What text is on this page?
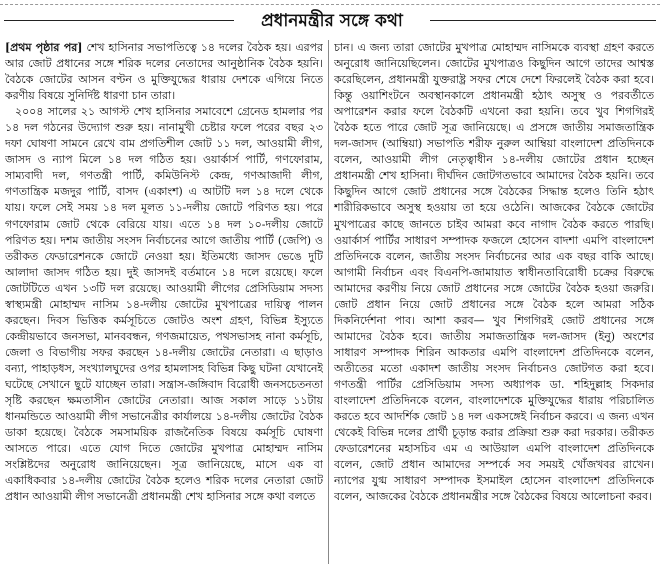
প্রধানমন্ত্রীর সঙ্গে কথা

[প্রথম পৃষ্ঠার পর] শেখ হাসিনার সভাপতিত্বে ১৪ দলের বৈঠক হয়। এরপর আর জোট প্রধানের সঙ্গে শরিক দলের নেতাদের আনুষ্ঠানিক বৈঠক হয়নি। বৈঠকে জোটের আসন বণ্টন ও মুক্তিযুদ্ধের ধারায় দেশকে এগিয়ে নিতে করণীয় বিষয়ে সুনির্দিষ্ট ধারণা চান তারা।

২০০৪ সালের ২১ আগস্ট শেখ হাসিনার সমাবেশে গ্রেনেড হামলার পর ১৪ দল গঠনের উদ্যোগ শুরু হয়। নানামুখী চেষ্টার ফলে পরের বছর ২৩ দফা ঘোষণা সামনে রেখে বাম প্রগতিশীল জোট ১১ দল, আওয়ামী লীগ, জাসদ ও ন্যাপ মিলে ১৪ দল গঠিত হয়। ওয়ার্কার্স পার্টি, গণফোরাম, সাম্যবাদী দল, গণতন্ত্রী পার্টি, কমিউনিস্ট কেন্দ্র, গণআজাদী লীগ, গণতান্ত্রিক মজদুর পার্টি, বাসদ (একাংশ) এ আটটি দল ১৪ দলে থেকে যায়। ফলে সেই সময় ১৪ দল মূলত ১১-দলীয় জোটে পরিণত হয়। পরে গণফোরাম জোট থেকে বেরিয়ে যায়। এতে ১৪ দল ১০-দলীয় জোটে পরিণত হয়। দশম জাতীয় সংসদ নির্বাচনের আগে জাতীয় পার্টি (জেপি) ও তরীকত ফেডারেশনকে জোটে নেওয়া হয়। ইতিমধ্যে জাসদ ভেঙে দুটি আলাদা জাসদ গঠিত হয়। দুই জাসদই বর্তমানে ১৪ দলে রয়েছে। ফলে জোটটিতে এখন ১৩টি দল রয়েছে। আওয়ামী লীগের প্রেসিডিয়াম সদস্য স্বাস্থ্যমন্ত্রী মোহাম্মদ নাসিম ১৪-দলীয় জোটের মুখপাত্রের দায়িত্ব পালন করছেন। দিবস ভিত্তিক কর্মসূচিতে জোটও অংশ গ্রহণ, বিভিন্ন ইস্যুতে কেন্দ্রীয়ভাবে জনসভা, মানববন্ধন, গণজমায়েত, পথসভাসহ নানা কর্মসূচি, জেলা ও বিভাগীয় সফর করছেন ১৪-দলীয় জোটের নেতারা। এ ছাড়াও বন্যা, পাহাড়ধস, সংখ্যালঘুদের ওপর হামলাসহ বিভিন্ন কিছু ঘটনা যেখানেই ঘটেছে সেখানে ছুটে যাচ্ছেন তারা। সন্ত্রাস-জঙ্গিবাদ বিরোধী জনসচেতনতা সৃষ্টি করছেন ক্ষমতাসীন জোটের নেতারা। আজ সকাল সাড়ে ১১টায় ধানমন্ডিতে আওয়ামী লীগ সভানেত্রীর কার্যালয়ে ১৪-দলীয় জোটের বৈঠক ডাকা হয়েছে। বৈঠকে সমসাময়িক রাজনৈতিক বিষয়ে কর্মসূচি ঘোষণা আসতে পারে। এতে যোগ দিতে জোটের মুখপাত্র মোহাম্মদ নাসিম সংশ্লিষ্টদের অনুরোধ জানিয়েছেন। সূত্র জানিয়েছে, মাসে এক বা একাধিকবার ১৪-দলীয় জোটের বৈঠক হলেও শরিক দলের নেতারা জোট প্রধান আওয়ামী লীগ সভানেত্রী প্রধানমন্ত্রী শেখ হাসিনার সঙ্গে কথা বলতে

চান। এ জন্য তারা জোটের মুখপাত্র মোহাম্মদ নাসিমকে ব্যবস্থা গ্রহণ করতে অনুরোধ জানিয়েছিলেন। জোটের মুখপাত্রও কিছুদিন আগে তাদের আশ্বস্ত করেছিলেন, প্রধানমন্ত্রী যুক্তরাষ্ট্র সফর শেষে দেশে ফিরলেই বৈঠক করা হবে। কিন্তু ওয়াশিংটনে অবস্থানকালে প্রধানমন্ত্রী হঠাৎ অসুস্থ ও পরবর্তীতে অপারেশন করার ফলে বৈঠকটি এখনো করা হয়নি। তবে খুব শিগগিরই বৈঠক হতে পারে জোট সূত্র জানিয়েছে। এ প্রসঙ্গে জাতীয় সমাজতান্ত্রিক দল-জাসদ (আম্বিয়া) সভাপতি শরীফ নুরুল আম্বিয়া বাংলাদেশ প্রতিদিনকে বলেন, আওয়ামী লীগ নেতৃত্বাধীন ১৪-দলীয় জোটের প্রধান হচ্ছেন প্রধানমন্ত্রী শেখ হাসিনা। দীর্ঘদিন জোটগতভাবে আমাদের বৈঠক হয়নি। তবে কিছুদিন আগে জোট প্রধানের সঙ্গে বৈঠকের সিদ্ধান্ত হলেও তিনি হঠাৎ শারীরিকভাবে অসুস্থ হওয়ায় তা হয়ে ওঠেনি। আজকের বৈঠকে জোটের মুখপাত্রের কাছে জানতে চাইব আমরা কবে নাগাদ বৈঠক করতে পারছি। ওয়ার্কার্স পার্টির সাধারণ সম্পাদক ফজলে হোসেন বাদশা এমপি বাংলাদেশ প্রতিদিনকে বলেন, জাতীয় সংসদ নির্বাচনের আর এক বছর বাকি আছে। আগামী নির্বাচন এবং বিএনপি-জামায়াত স্বাধীনতাবিরোধী চক্রের বিরুদ্ধে আমাদের করণীয় নিয়ে জোট প্রধানের সঙ্গে জোটের বৈঠক হওয়া জরুরি। জোট প্রধান নিয়ে জোট প্রধানের সঙ্গে বৈঠক হলে আমরা সঠিক দিকনির্দেশনা পাব। আশা করব— খুব শিগগিরই জোট প্রধানের সঙ্গে আমাদের বৈঠক হবে। জাতীয় সমাজতান্ত্রিক দল-জাসদ (ইনু) অংশের সাধারণ সম্পাদক শিরিন আকতার এমপি বাংলাদেশ প্রতিদিনকে বলেন, অতীতের মতো একাদশ জাতীয় সংসদ নির্বাচনও জোটগত করা হবে। গণতন্ত্রী পার্টির প্রেসিডিয়াম সদস্য অধ্যাপক ডা. শহিদুল্লাহ সিকদার বাংলাদেশ প্রতিদিনকে বলেন, বাংলাদেশকে মুক্তিযুদ্ধের ধারায় পরিচালিত করতে হবে আদর্শিক জোট ১৪ দল একসঙ্গেই নির্বাচন করবে। এ জন্য এখন থেকেই বিভিন্ন দলের প্রার্থী চূড়ান্ত করার প্রক্রিয়া শুরু করা দরকার। তরীকত ফেডারেশনের মহাসচিব এম এ আউয়াল এমপি বাংলাদেশ প্রতিদিনকে বলেন, জোট প্রধান আমাদের সম্পর্কে সব সময়ই খোঁজখবর রাখেন। ন্যাপের যুগ্ম সাধারণ সম্পাদক ইসমাইল হোসেন বাংলাদেশ প্রতিদিনকে বলেন, আজকের বৈঠকে প্রধানমন্ত্রীর সঙ্গে বৈঠকের বিষয়ে আলোচনা করব।
